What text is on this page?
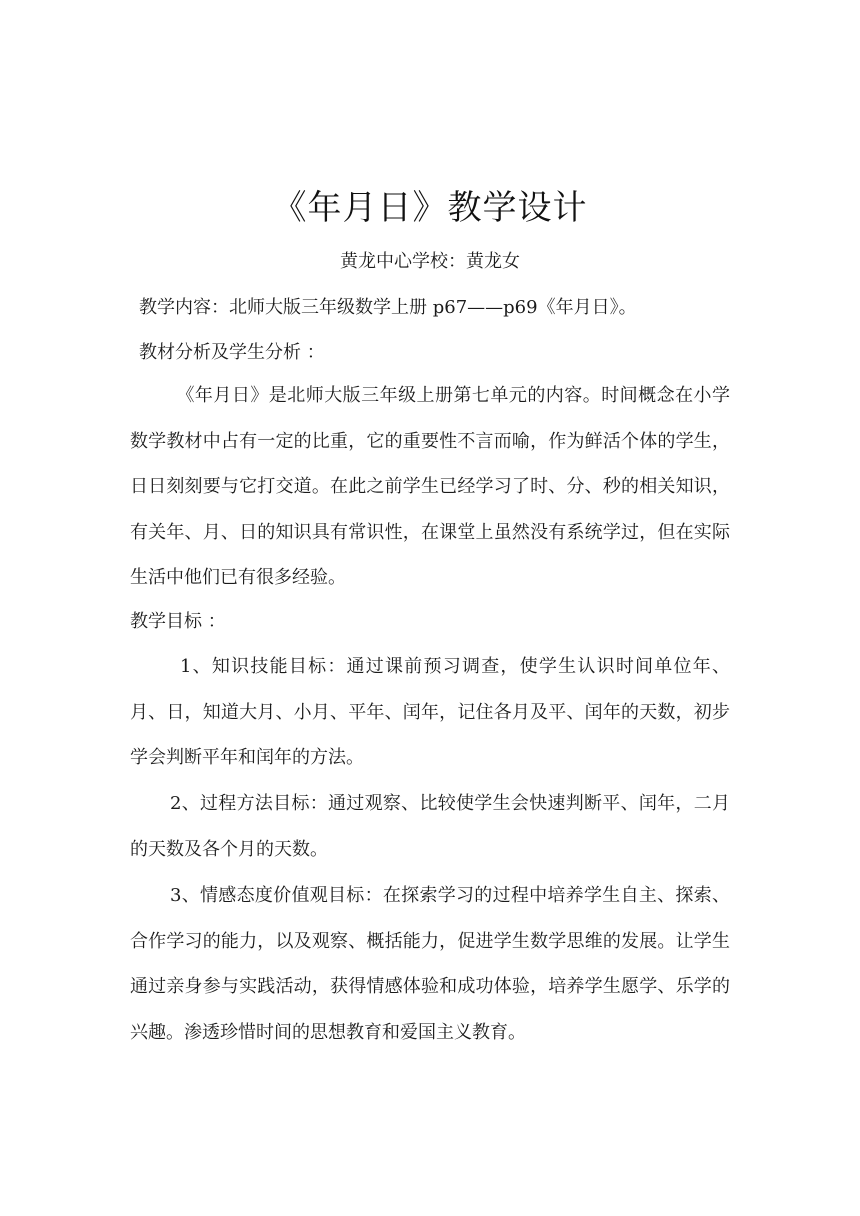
《年月日》教学设计
黄龙中心学校：黄龙女
教学内容：北师大版三年级数学上册 p67——p69《年月日》。
教材分析及学生分析 ：
《年月日》是北师大版三年级上册第七单元的内容。时间概念在小学数学教材中占有一定的比重，它的重要性不言而喻，作为鲜活个体的学生，日日刻刻要与它打交道。在此之前学生已经学习了时、分、秒的相关知识，有关年、月、日的知识具有常识性，在课堂上虽然没有系统学过，但在实际生活中他们已有很多经验。
教学目标 ：
1、知识技能目标：通过课前预习调查，使学生认识时间单位年、月、日，知道大月、小月、平年、闰年，记住各月及平、闰年的天数，初步学会判断平年和闰年的方法。
2、过程方法目标：通过观察、比较使学生会快速判断平、闰年，二月的天数及各个月的天数。
3、情感态度价值观目标：在探索学习的过程中培养学生自主、探索、合作学习的能力，以及观察、概括能力，促进学生数学思维的发展。让学生通过亲身参与实践活动，获得情感体验和成功体验，培养学生愿学、乐学的兴趣。渗透珍惜时间的思想教育和爱国主义教育。
